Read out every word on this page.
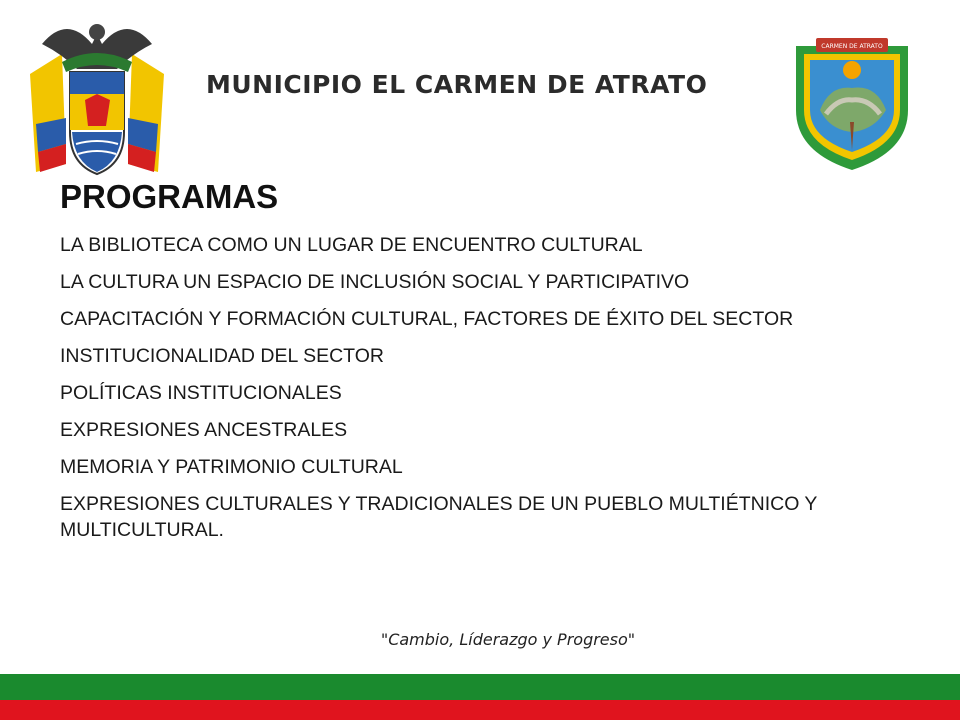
MUNICIPIO EL CARMEN DE ATRATO
CARMEN DE ATRATO
PROGRAMAS
LA BIBLIOTECA COMO UN LUGAR DE ENCUENTRO CULTURAL
LA CULTURA UN ESPACIO DE INCLUSIÓN SOCIAL Y PARTICIPATIVO
CAPACITACIÓN Y FORMACIÓN CULTURAL, FACTORES DE ÉXITO DEL SECTOR
INSTITUCIONALIDAD DEL SECTOR
POLÍTICAS INSTITUCIONALES
EXPRESIONES ANCESTRALES
MEMORIA Y PATRIMONIO CULTURAL
EXPRESIONES CULTURALES Y TRADICIONALES DE UN PUEBLO MULTIÉTNICO Y MULTICULTURAL.
"Cambio, Líderazgo y Progreso"
